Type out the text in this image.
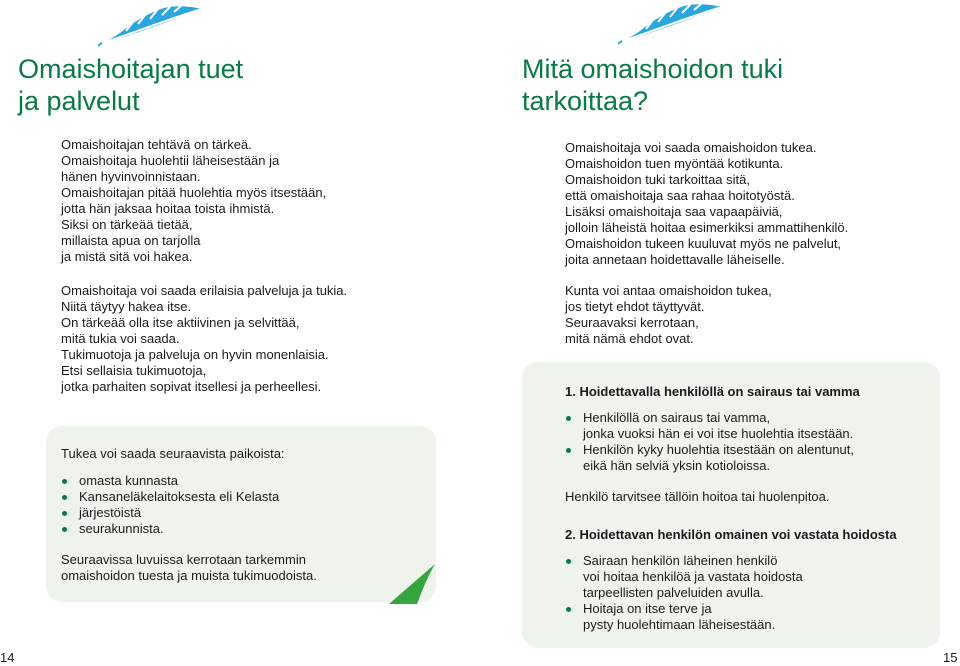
Omaishoitajan tuet
ja palvelut
Omaishoitajan tehtävä on tärkeä.
Omaishoitaja huolehtii läheisestään ja
hänen hyvinvoinnistaan.
Omaishoitajan pitää huolehtia myös itsestään,
jotta hän jaksaa hoitaa toista ihmistä.
Siksi on tärkeää tietää,
millaista apua on tarjolla
ja mistä sitä voi hakea.
Omaishoitaja voi saada erilaisia palveluja ja tukia.
Niitä täytyy hakea itse.
On tärkeää olla itse aktiivinen ja selvittää,
mitä tukia voi saada.
Tukimuotoja ja palveluja on hyvin monenlaisia.
Etsi sellaisia tukimuotoja,
jotka parhaiten sopivat itsellesi ja perheellesi.

Tukea voi saada seuraavista paikoista:

omasta kunnasta
Kansaneläkelaitoksesta eli Kelasta
järjestöistä
seurakunnista.
Seuraavissa luvuissa kerrotaan tarkemmin
omaishoidon tuesta ja muista tukimuodoista.
14
Mitä omaishoidon tuki
tarkoittaa?
Omaishoitaja voi saada omaishoidon tukea.
Omaishoidon tuen myöntää kotikunta.
Omaishoidon tuki tarkoittaa sitä,
että omaishoitaja saa rahaa hoitotyöstä.
Lisäksi omaishoitaja saa vapaapäiviä,
jolloin läheistä hoitaa esimerkiksi ammattihenkilö.
Omaishoidon tukeen kuuluvat myös ne palvelut,
joita annetaan hoidettavalle läheiselle.
Kunta voi antaa omaishoidon tukea,
jos tietyt ehdot täyttyvät.
Seuraavaksi kerrotaan,
mitä nämä ehdot ovat.

1. Hoidettavalla henkilöllä on sairaus tai vamma

Henkilöllä on sairaus tai vamma,
jonka vuoksi hän ei voi itse huolehtia itsestään.
Henkilön kyky huolehtia itsestään on alentunut,
eikä hän selviä yksin kotioloissa.

Henkilö tarvitsee tällöin hoitoa tai huolenpitoa.

2. Hoidettavan henkilön omainen voi vastata hoidosta

Sairaan henkilön läheinen henkilö
voi hoitaa henkilöä ja vastata hoidosta
tarpeellisten palveluiden avulla.
Hoitaja on itse terve ja
pysty huolehtimaan läheisestään.
15
